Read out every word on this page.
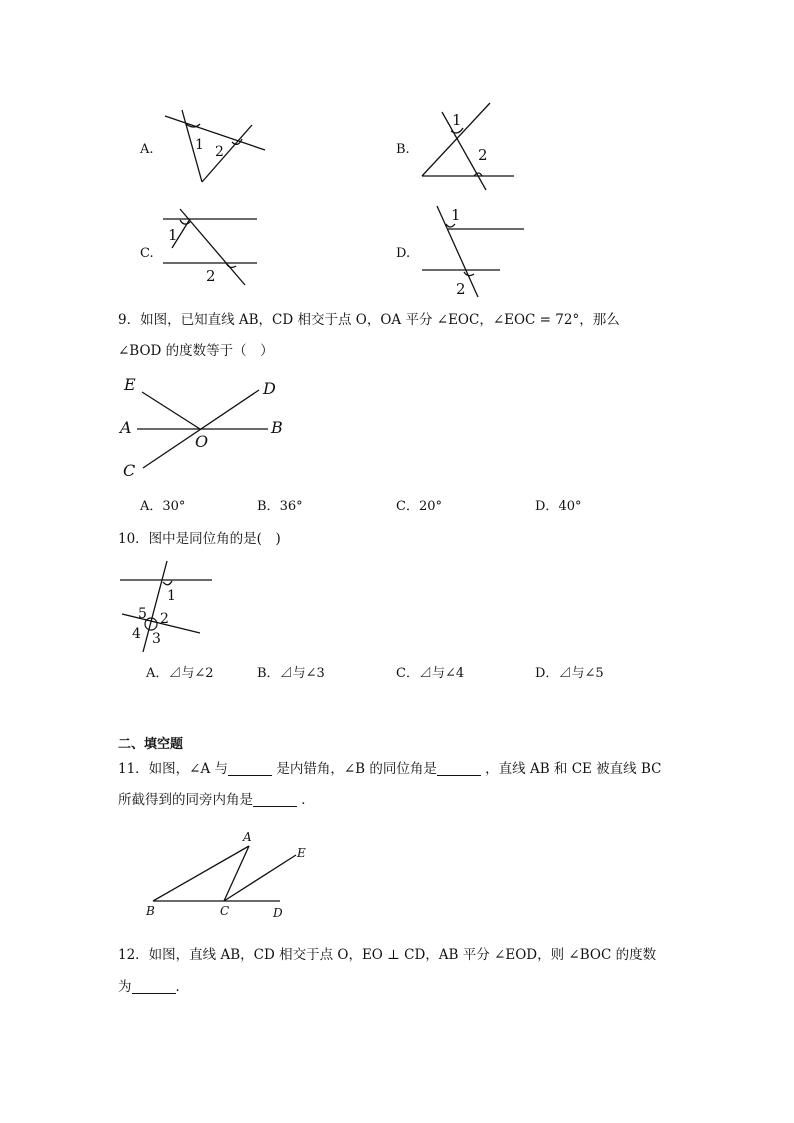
A.	1 2	B.
1
2
C.
1
2
D.
1
2
9．如图，已知直线 AB，CD 相交于点 O，OA 平分 ∠EOC，∠EOC = 72°，那么
∠BOD 的度数等于（　）
E	D
A	B
O
C
A．30°	B．36°	C．20°	D．40°
10．图中是同位角的是(　)
1
2
3
4
5
A．⊿与∠2	B．⊿与∠3	C．⊿与∠4	D．⊿与∠5
二、填空题
11．如图，∠A 与	是内错角，∠B 的同位角是	，直线 AB 和 CE 被直线 BC
所截得到的同旁内角是	．
A
E
B	C	D
12．如图，直线 AB，CD 相交于点 O，EO ⊥ CD，AB 平分 ∠EOD，则 ∠BOC 的度数
为	．
